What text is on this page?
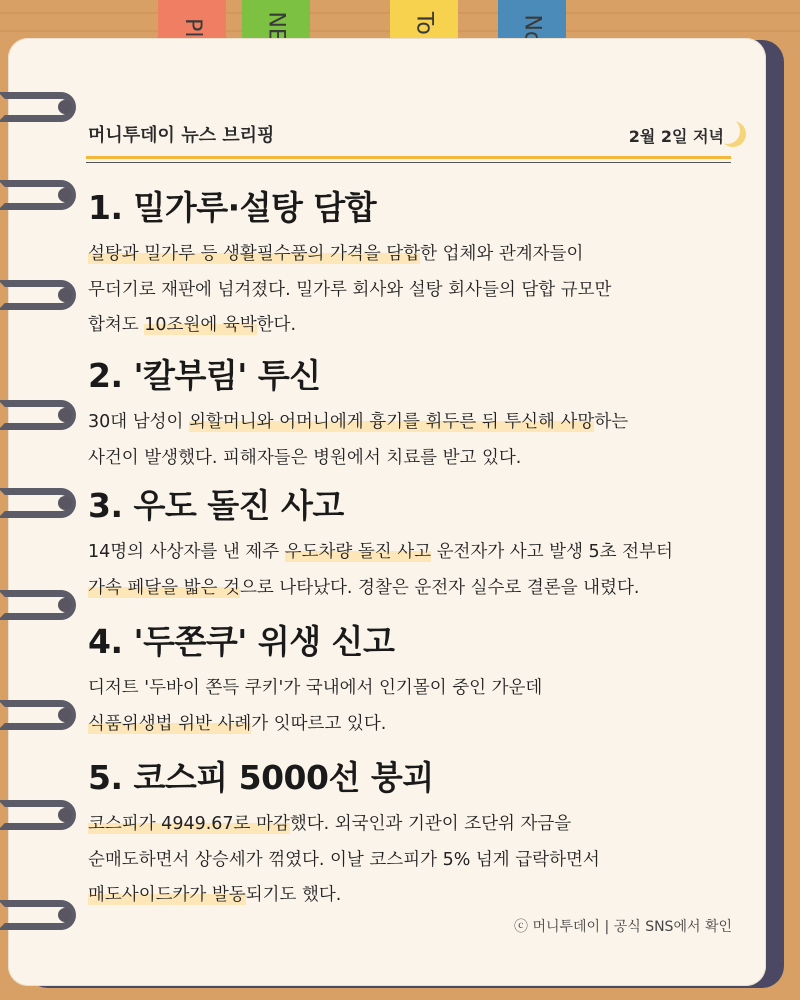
머니투데이 뉴스 브리핑	2월 2일 저녁
1. 밀가루·설탕 담합
설탕과 밀가루 등 생활필수품의 가격을 담합한 업체와 관계자들이
무더기로 재판에 넘겨졌다. 밀가루 회사와 설탕 회사들의 담합 규모만
합쳐도 10조원에 육박한다.
2. '칼부림' 투신
30대 남성이 외할머니와 어머니에게 흉기를 휘두른 뒤 투신해 사망하는
사건이 발생했다. 피해자들은 병원에서 치료를 받고 있다.
3. 우도 돌진 사고
14명의 사상자를 낸 제주 우도차량 돌진 사고 운전자가 사고 발생 5초 전부터
가속 페달을 밟은 것으로 나타났다. 경찰은 운전자 실수로 결론을 내렸다.
4. '두쫀쿠' 위생 신고
디저트 '두바이 쫀득 쿠키'가 국내에서 인기몰이 중인 가운데
식품위생법 위반 사례가 잇따르고 있다.
5. 코스피 5000선 붕괴
코스피가 4949.67로 마감했다. 외국인과 기관이 조단위 자금을
순매도하면서 상승세가 꺾였다. 이날 코스피가 5% 넘게 급락하면서
매도사이드카가 발동되기도 했다.
ⓒ 머니투데이 | 공식 SNS에서 확인
